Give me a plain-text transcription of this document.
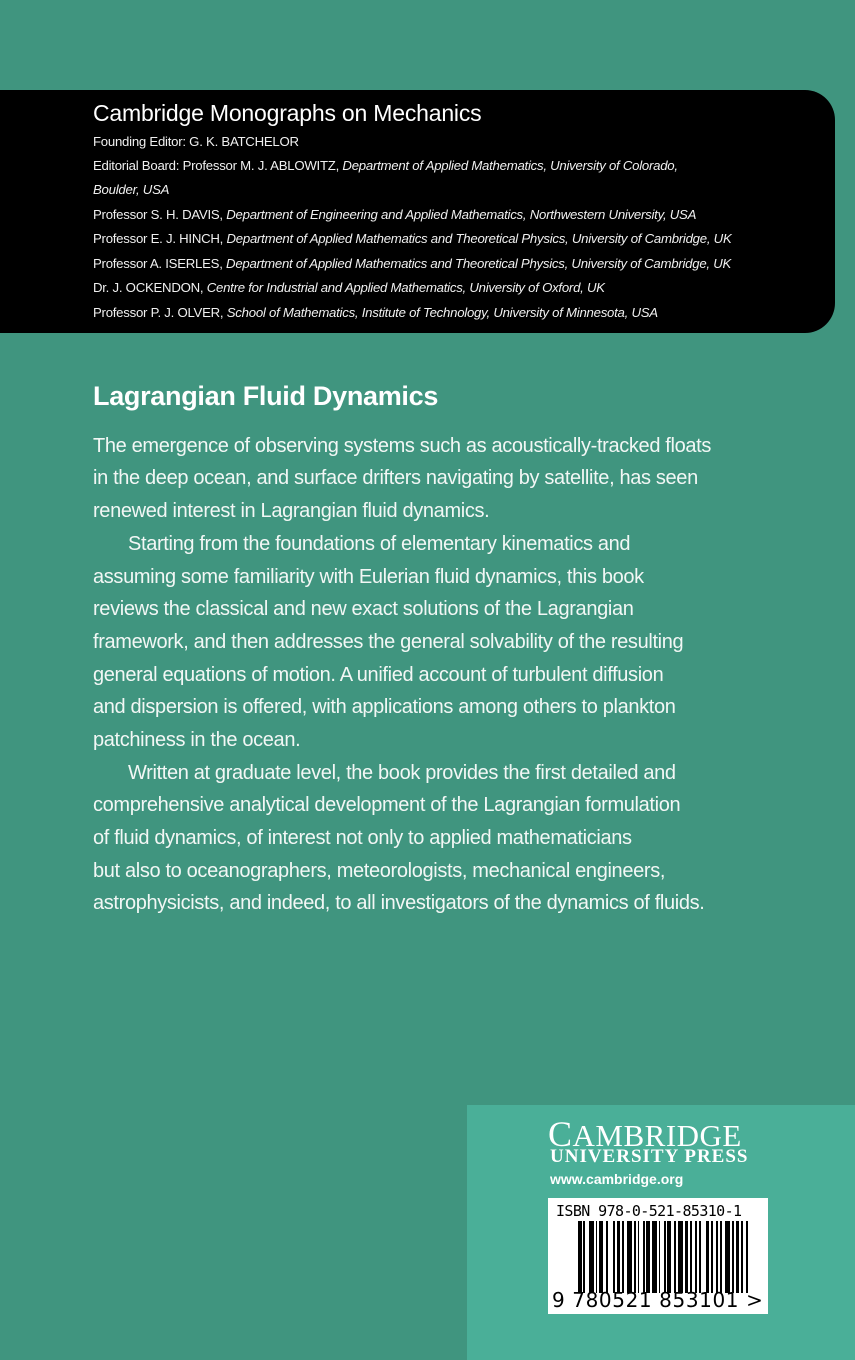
Cambridge Monographs on Mechanics
Founding Editor: G. K. BATCHELOR
Editorial Board: Professor M. J. ABLOWITZ, Department of Applied Mathematics, University of Colorado,
Boulder, USA
Professor S. H. DAVIS, Department of Engineering and Applied Mathematics, Northwestern University, USA
Professor E. J. HINCH, Department of Applied Mathematics and Theoretical Physics, University of Cambridge, UK
Professor A. ISERLES, Department of Applied Mathematics and Theoretical Physics, University of Cambridge, UK
Dr. J. OCKENDON, Centre for Industrial and Applied Mathematics, University of Oxford, UK
Professor P. J. OLVER, School of Mathematics, Institute of Technology, University of Minnesota, USA
Lagrangian Fluid Dynamics
The emergence of observing systems such as acoustically-tracked floats
in the deep ocean, and surface drifters navigating by satellite, has seen
renewed interest in Lagrangian fluid dynamics.
Starting from the foundations of elementary kinematics and
assuming some familiarity with Eulerian fluid dynamics, this book
reviews the classical and new exact solutions of the Lagrangian
framework, and then addresses the general solvability of the resulting
general equations of motion. A unified account of turbulent diffusion
and dispersion is offered, with applications among others to plankton
patchiness in the ocean.
Written at graduate level, the book provides the first detailed and
comprehensive analytical development of the Lagrangian formulation
of fluid dynamics, of interest not only to applied mathematicians
but also to oceanographers, meteorologists, mechanical engineers,
astrophysicists, and indeed, to all investigators of the dynamics of fluids.
CAMBRIDGE
UNIVERSITY PRESS
www.cambridge.org
ISBN 978-0-521-85310-1
9 780521 853101 >
